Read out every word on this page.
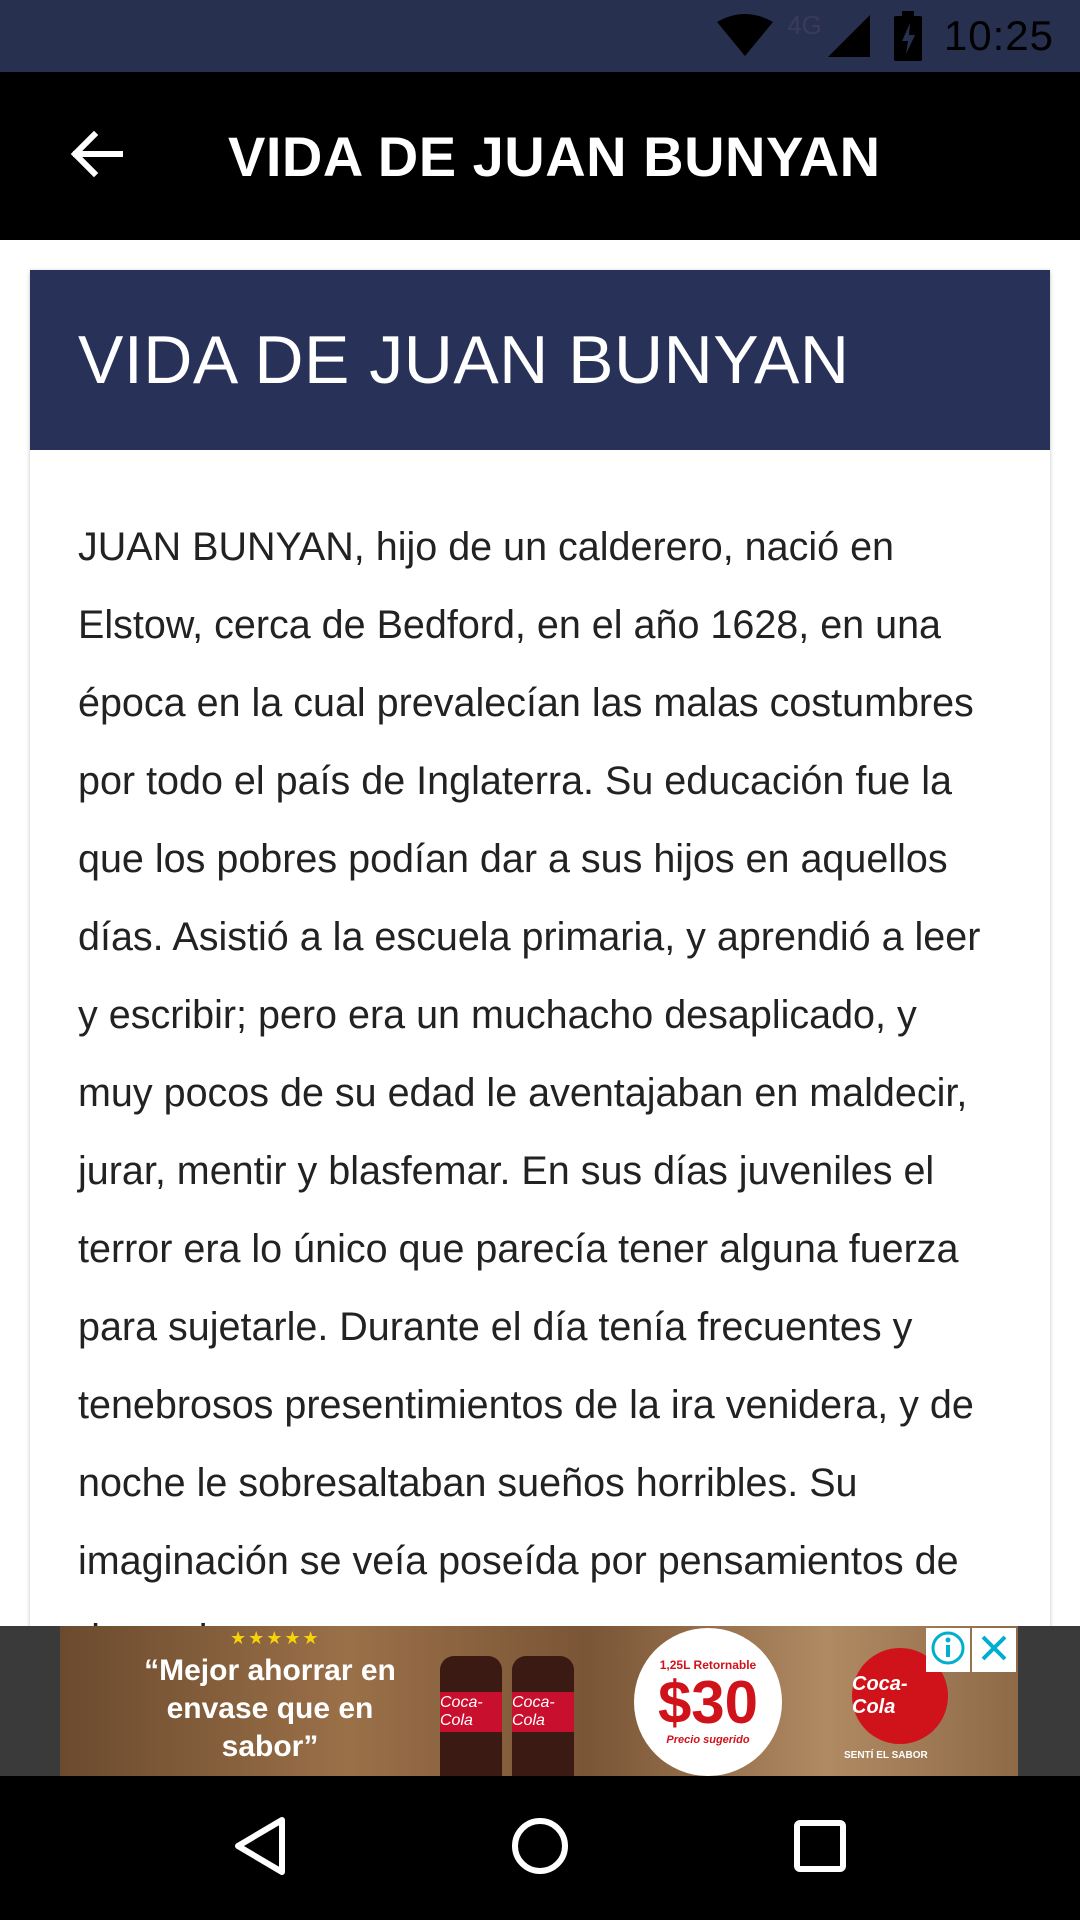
4G	10:25
VIDA DE JUAN BUNYAN
VIDA DE JUAN BUNYAN
JUAN BUNYAN, hijo de un calderero, nació en Elstow, cerca de Bedford, en el año 1628, en una época en la cual prevalecían las malas costumbres por todo el país de Inglaterra. Su educación fue la que los pobres podían dar a sus hijos en aquellos días. Asistió a la escuela primaria, y aprendió a leer y escribir; pero era un muchacho desaplicado, y muy pocos de su edad le aventajaban en maldecir, jurar, mentir y blasfemar. En sus días juveniles el terror era lo único que parecía tener alguna fuerza para sujetarle. Durante el día tenía frecuentes y tenebrosos presentimientos de la ira venidera, y de noche le sobresaltaban sueños horribles. Su imaginación se veía poseída por pensamientos de
★★★★★
“Mejor ahorrar en envase que en sabor”
Coca-Cola
Coca-Cola
1,25L Retornable
$30
Precio sugerido
Coca-Cola
SENTÍ EL SABOR
